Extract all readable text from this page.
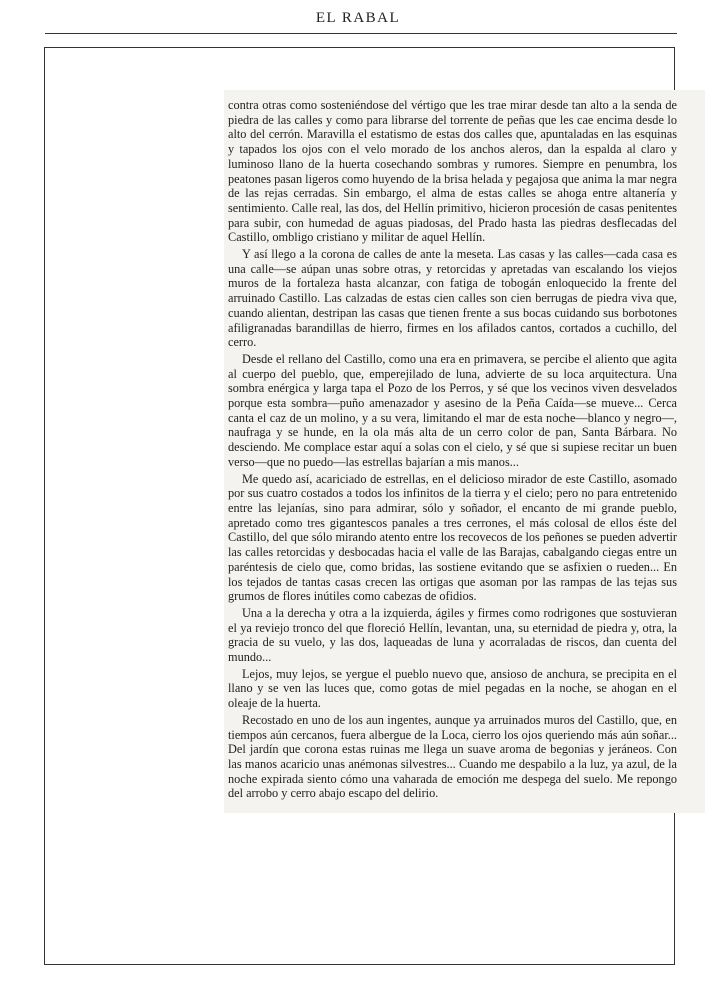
EL RABAL

contra otras como sosteniéndose del vértigo que les trae mirar desde tan alto a la senda de piedra de las calles y como para librarse del torrente de peñas que les cae encima desde lo alto del cerrón. Maravilla el estatismo de estas dos calles que, apuntaladas en las esquinas y tapados los ojos con el velo morado de los anchos aleros, dan la espalda al claro y luminoso llano de la huerta cosechando sombras y rumores. Siempre en penumbra, los peatones pasan ligeros como huyendo de la brisa helada y pegajosa que anima la mar negra de las rejas cerradas. Sin embargo, el alma de estas calles se ahoga entre altanería y sentimiento. Calle real, las dos, del Hellín primitivo, hicieron procesión de casas penitentes para subir, con humedad de aguas piadosas, del Prado hasta las piedras desflecadas del Castillo, ombligo cristiano y militar de aquel Hellín.

Y así llego a la corona de calles de ante la meseta. Las casas y las calles—cada casa es una calle—se aúpan unas sobre otras, y retorcidas y apretadas van escalando los viejos muros de la fortaleza hasta alcanzar, con fatiga de tobogán enloquecido la frente del arruinado Castillo. Las calzadas de estas cien calles son cien berrugas de piedra viva que, cuando alientan, destripan las casas que tienen frente a sus bocas cuidando sus borbotones afiligranadas barandillas de hierro, firmes en los afilados cantos, cortados a cuchillo, del cerro.

Desde el rellano del Castillo, como una era en primavera, se percibe el aliento que agita al cuerpo del pueblo, que, emperejilado de luna, advierte de su loca arquitectura. Una sombra enérgica y larga tapa el Pozo de los Perros, y sé que los vecinos viven desvelados porque esta sombra—puño amenazador y asesino de la Peña Caída—se mueve... Cerca canta el caz de un molino, y a su vera, limitando el mar de esta noche—blanco y negro—, naufraga y se hunde, en la ola más alta de un cerro color de pan, Santa Bárbara. No desciendo. Me complace estar aquí a solas con el cielo, y sé que si supiese recitar un buen verso—que no puedo—las estrellas bajarían a mis manos...

Me quedo así, acariciado de estrellas, en el delicioso mirador de este Castillo, asomado por sus cuatro costados a todos los infinitos de la tierra y el cielo; pero no para entretenido entre las lejanías, sino para admirar, sólo y soñador, el encanto de mi grande pueblo, apretado como tres gigantescos panales a tres cerrones, el más colosal de ellos éste del Castillo, del que sólo mirando atento entre los recovecos de los peñones se pueden advertir las calles retorcidas y desbocadas hacia el valle de las Barajas, cabalgando ciegas entre un paréntesis de cielo que, como bridas, las sostiene evitando que se asfixien o rueden... En los tejados de tantas casas crecen las ortigas que asoman por las rampas de las tejas sus grumos de flores inútiles como cabezas de ofidios.

Una a la derecha y otra a la izquierda, ágiles y firmes como rodrigones que sostuvieran el ya reviejo tronco del que floreció Hellín, levantan, una, su eternidad de piedra y, otra, la gracia de su vuelo, y las dos, laqueadas de luna y acorraladas de riscos, dan cuenta del mundo...

Lejos, muy lejos, se yergue el pueblo nuevo que, ansioso de anchura, se precipita en el llano y se ven las luces que, como gotas de miel pegadas en la noche, se ahogan en el oleaje de la huerta.

Recostado en uno de los aun ingentes, aunque ya arruinados muros del Castillo, que, en tiempos aún cercanos, fuera albergue de la Loca, cierro los ojos queriendo más aún soñar... Del jardín que corona estas ruinas me llega un suave aroma de begonias y jeráneos. Con las manos acaricio unas anémonas silvestres... Cuando me despabilo a la luz, ya azul, de la noche expirada siento cómo una vaharada de emoción me despega del suelo. Me repongo del arrobo y cerro abajo escapo del delirio.
